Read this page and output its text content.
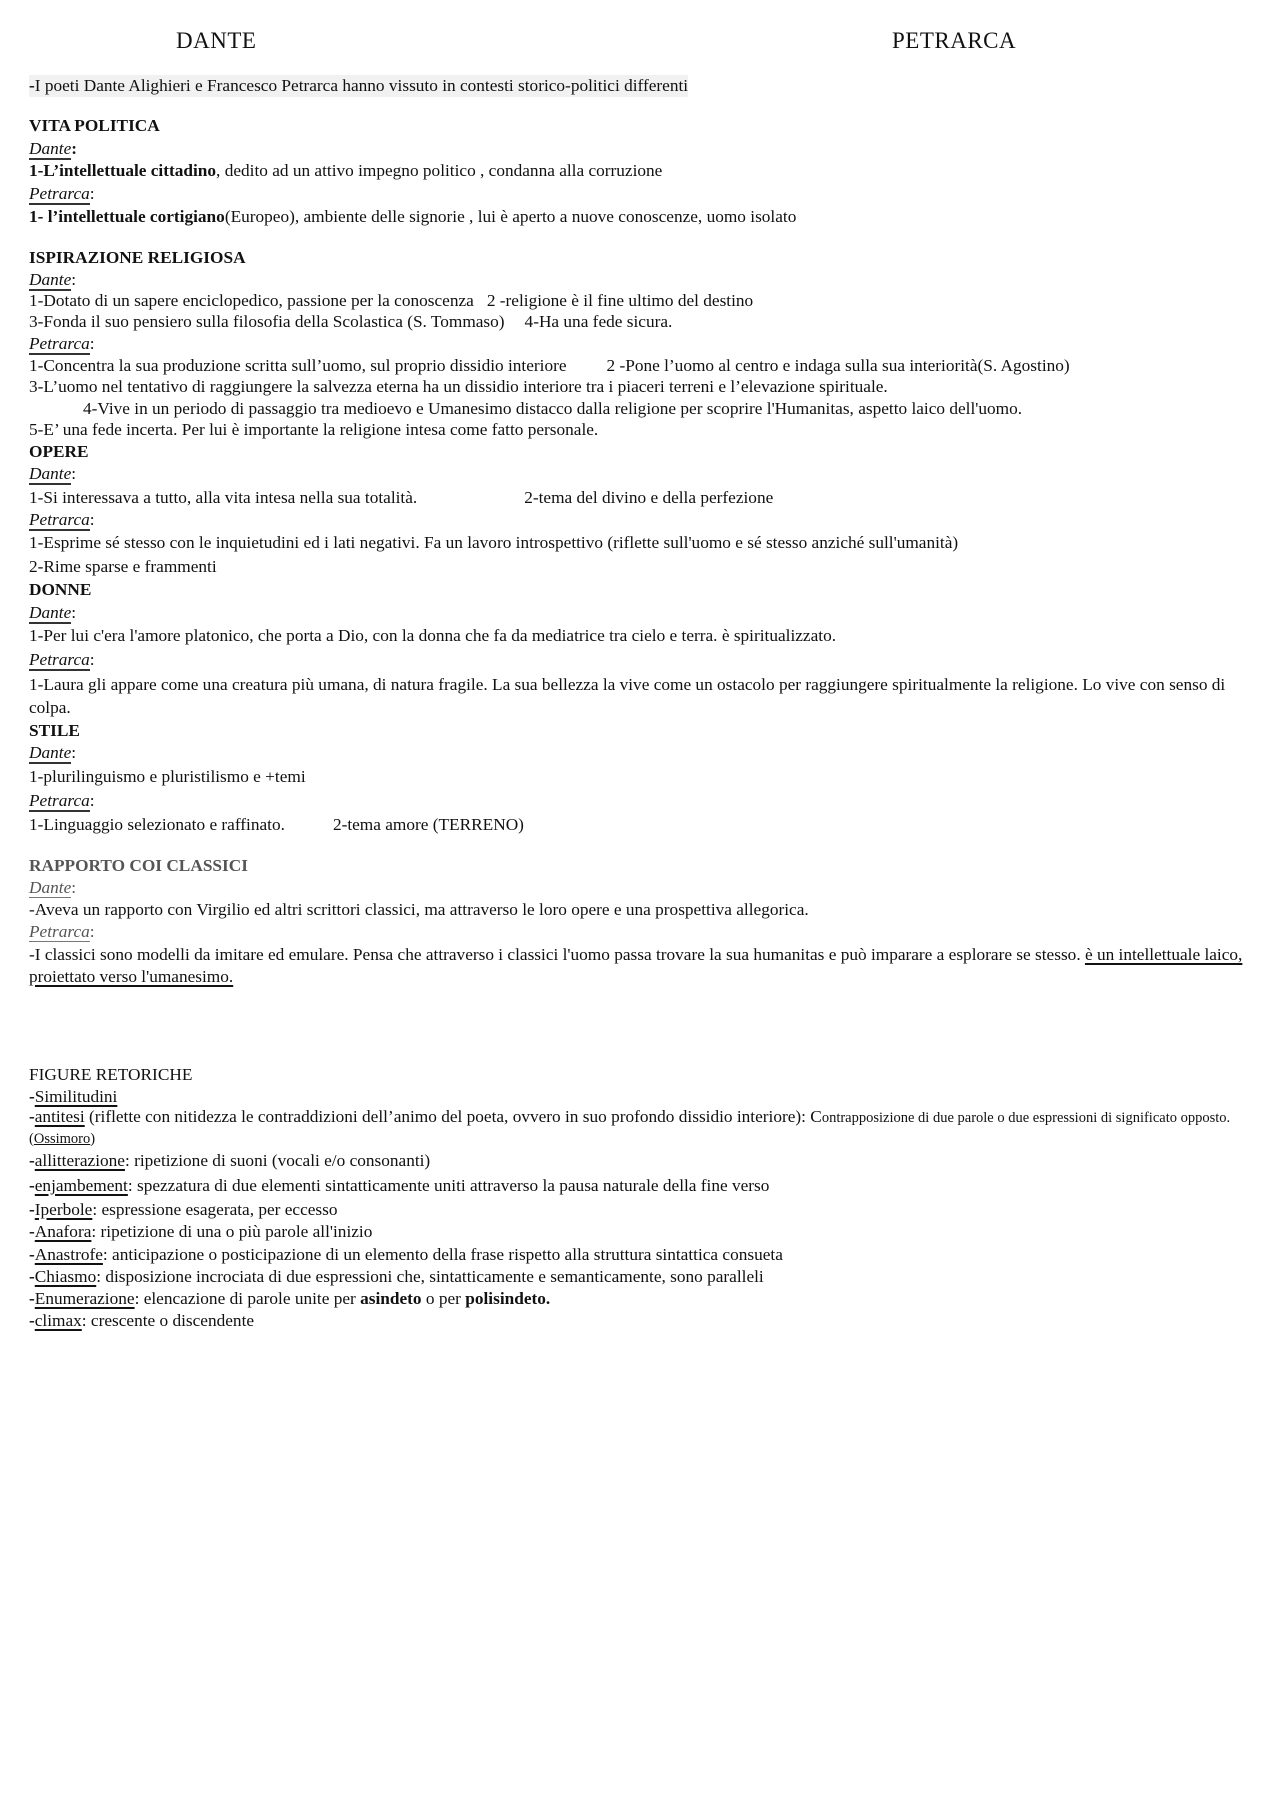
DANTE	PETRARCA
-I poeti Dante Alighieri e Francesco Petrarca hanno vissuto in contesti storico-politici differenti
VITA POLITICA
Dante:
1-L’intellettuale cittadino, dedito ad un attivo impegno politico , condanna alla corruzione
Petrarca:
1- l’intellettuale cortigiano(Europeo), ambiente delle signorie , lui è aperto a nuove conoscenze, uomo isolato
ISPIRAZIONE RELIGIOSA
Dante:
1-Dotato di un sapere enciclopedico, passione per la conoscenza 2 -religione è il fine ultimo del destino
3-Fonda il suo pensiero sulla filosofia della Scolastica (S. Tommaso) 4-Ha una fede sicura.
Petrarca:
1-Concentra la sua produzione scritta sull’uomo, sul proprio dissidio interiore 2 -Pone l’uomo al centro e indaga sulla sua interiorità(S. Agostino)
3-L’uomo nel tentativo di raggiungere la salvezza eterna ha un dissidio interiore tra i piaceri terreni e l’elevazione spirituale.
4-Vive in un periodo di passaggio tra medioevo e Umanesimo distacco dalla religione per scoprire l'Humanitas, aspetto laico dell'uomo.
5-E’ una fede incerta. Per lui è importante la religione intesa come fatto personale.
OPERE
Dante:
1-Si interessava a tutto, alla vita intesa nella sua totalità.	2-tema del divino e della perfezione
Petrarca:
1-Esprime sé stesso con le inquietudini ed i lati negativi. Fa un lavoro introspettivo (riflette sull'uomo e sé stesso anziché sull'umanità)
2-Rime sparse e frammenti
DONNE
Dante:
1-Per lui c'era l'amore platonico, che porta a Dio, con la donna che fa da mediatrice tra cielo e terra. è spiritualizzato.
Petrarca:
1-Laura gli appare come una creatura più umana, di natura fragile. La sua bellezza la vive come un ostacolo per raggiungere spiritualmente la religione. Lo vive con senso di colpa.
STILE
Dante:
1-plurilinguismo e pluristilismo e +temi
Petrarca:
1-Linguaggio selezionato e raffinato.	2-tema amore (TERRENO)
RAPPORTO COI CLASSICI
Dante:
-Aveva un rapporto con Virgilio ed altri scrittori classici, ma attraverso le loro opere e una prospettiva allegorica.
Petrarca:
-I classici sono modelli da imitare ed emulare. Pensa che attraverso i classici l'uomo passa trovare la sua humanitas e può imparare a esplorare se stesso. è un intellettuale laico, proiettato verso l'umanesimo.
FIGURE RETORICHE
-Similitudini
-antitesi (riflette con nitidezza le contraddizioni dell’animo del poeta, ovvero in suo profondo dissidio interiore): Contrapposizione di due parole o due espressioni di significato opposto.(Ossimoro)
-allitterazione: ripetizione di suoni (vocali e/o consonanti)
-enjambement: spezzatura di due elementi sintatticamente uniti attraverso la pausa naturale della fine verso
-Iperbole: espressione esagerata, per eccesso
-Anafora: ripetizione di una o più parole all'inizio
-Anastrofe: anticipazione o posticipazione di un elemento della frase rispetto alla struttura sintattica consueta
-Chiasmo: disposizione incrociata di due espressioni che, sintatticamente e semanticamente, sono paralleli
-Enumerazione: elencazione di parole unite per asindeto o per polisindeto.
-climax: crescente o discendente
